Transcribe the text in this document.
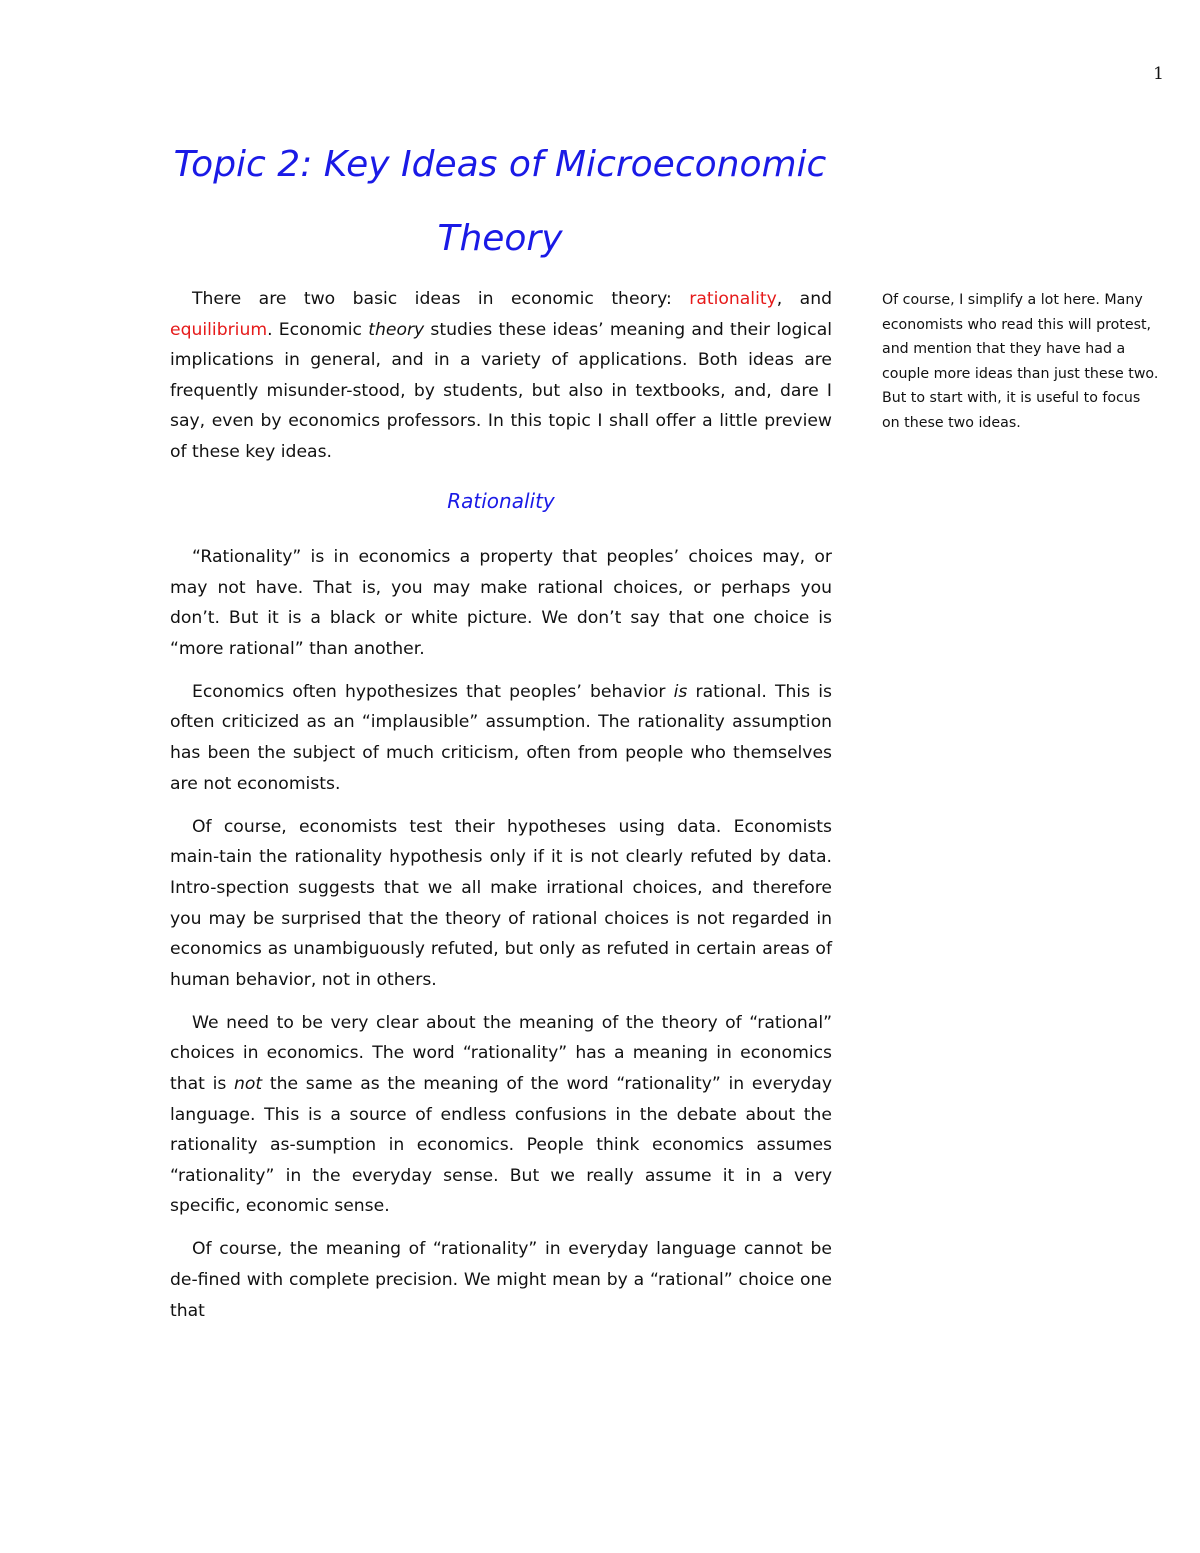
1
Topic 2: Key Ideas of Microeconomic
Theory

There are two basic ideas in economic theory: rationality, and equilibrium. Economic theory studies these ideas’ meaning and their logical implications in general, and in a variety of applications. Both ideas are frequently misunder-stood, by students, but also in textbooks, and, dare I say, even by economics professors. In this topic I shall offer a little preview of these key ideas.

Of course, I simplify a lot here. Many economists who read this will protest, and mention that they have had a couple more ideas than just these two. But to start with, it is useful to focus on these two ideas.
Rationality

“Rationality” is in economics a property that peoples’ choices may, or may not have. That is, you may make rational choices, or perhaps you don’t. But it is a black or white picture. We don’t say that one choice is “more rational” than another.

Economics often hypothesizes that peoples’ behavior is rational. This is often criticized as an “implausible” assumption. The rationality assumption has been the subject of much criticism, often from people who themselves are not economists.

Of course, economists test their hypotheses using data. Economists main-tain the rationality hypothesis only if it is not clearly refuted by data. Intro-spection suggests that we all make irrational choices, and therefore you may be surprised that the theory of rational choices is not regarded in economics as unambiguously refuted, but only as refuted in certain areas of human behavior, not in others.

We need to be very clear about the meaning of the theory of “rational” choices in economics. The word “rationality” has a meaning in economics that is not the same as the meaning of the word “rationality” in everyday language. This is a source of endless confusions in the debate about the rationality as-sumption in economics. People think economics assumes “rationality” in the everyday sense. But we really assume it in a very specific, economic sense.

Of course, the meaning of “rationality” in everyday language cannot be de-fined with complete precision. We might mean by a “rational” choice one that
